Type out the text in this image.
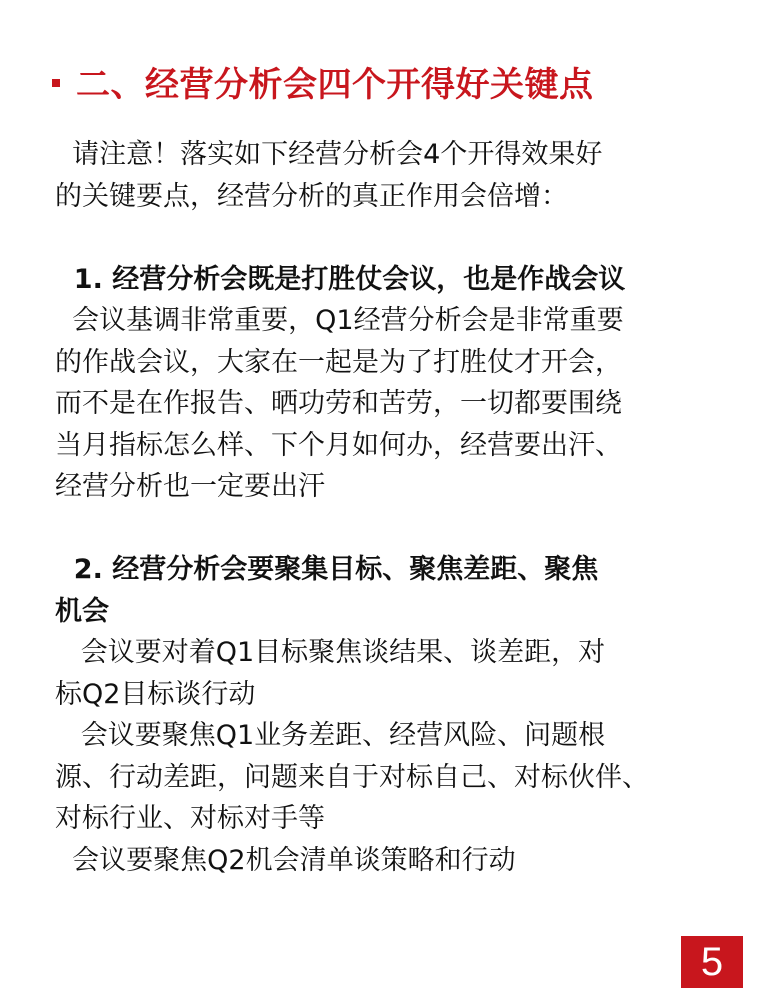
二、经营分析会四个开得好关键点
请注意！落实如下经营分析会4个开得效果好
的关键要点，经营分析的真正作用会倍增：
1. 经营分析会既是打胜仗会议，也是作战会议
会议基调非常重要，Q1经营分析会是非常重要
的作战会议，大家在一起是为了打胜仗才开会，
而不是在作报告、晒功劳和苦劳，一切都要围绕
当月指标怎么样、下个月如何办，经营要出汗、
经营分析也一定要出汗
2. 经营分析会要聚集目标、聚焦差距、聚焦
机会
会议要对着Q1目标聚焦谈结果、谈差距，对
标Q2目标谈行动
会议要聚焦Q1业务差距、经营风险、问题根
源、行动差距，问题来自于对标自己、对标伙伴、
对标行业、对标对手等
会议要聚焦Q2机会清单谈策略和行动
5
